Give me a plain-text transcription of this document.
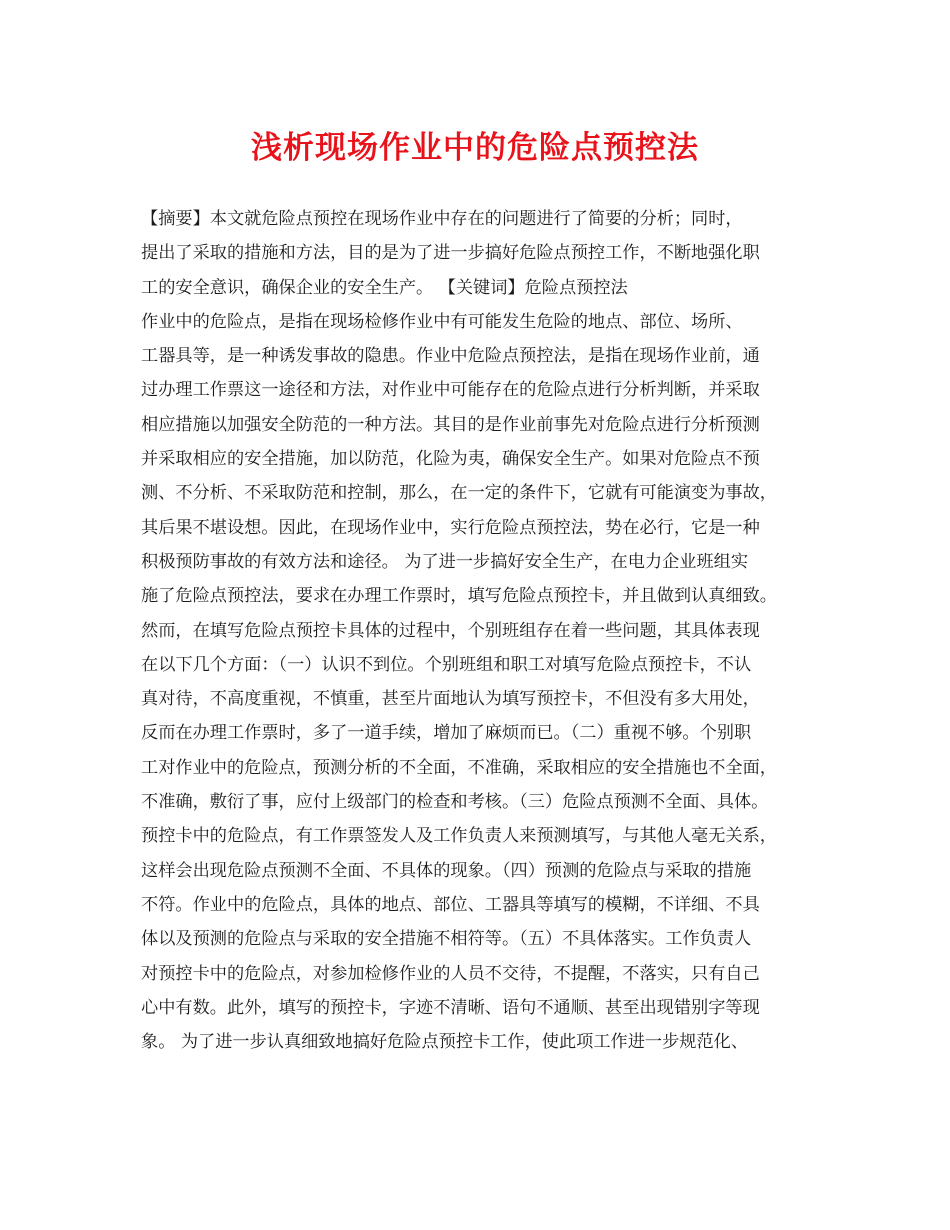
浅析现场作业中的危险点预控法
【摘要】本文就危险点预控在现场作业中存在的问题进行了简要的分析；同时，
提出了采取的措施和方法，目的是为了进一步搞好危险点预控工作，不断地强化职
工的安全意识，确保企业的安全生产。 【关键词】危险点预控法
作业中的危险点，是指在现场检修作业中有可能发生危险的地点、部位、场所、
工器具等，是一种诱发事故的隐患。作业中危险点预控法，是指在现场作业前，通
过办理工作票这一途径和方法，对作业中可能存在的危险点进行分析判断，并采取
相应措施以加强安全防范的一种方法。其目的是作业前事先对危险点进行分析预测
并采取相应的安全措施，加以防范，化险为夷，确保安全生产。如果对危险点不预
测、不分析、不采取防范和控制，那么，在一定的条件下，它就有可能演变为事故，
其后果不堪设想。因此，在现场作业中，实行危险点预控法，势在必行，它是一种
积极预防事故的有效方法和途径。 为了进一步搞好安全生产，在电力企业班组实
施了危险点预控法，要求在办理工作票时，填写危险点预控卡，并且做到认真细致。
然而，在填写危险点预控卡具体的过程中，个别班组存在着一些问题，其具体表现
在以下几个方面：（一）认识不到位。个别班组和职工对填写危险点预控卡，不认
真对待，不高度重视，不慎重，甚至片面地认为填写预控卡，不但没有多大用处，
反而在办理工作票时，多了一道手续，增加了麻烦而已。（二）重视不够。个别职
工对作业中的危险点，预测分析的不全面，不准确，采取相应的安全措施也不全面，
不准确，敷衍了事，应付上级部门的检查和考核。（三）危险点预测不全面、具体。
预控卡中的危险点，有工作票签发人及工作负责人来预测填写，与其他人毫无关系，
这样会出现危险点预测不全面、不具体的现象。（四）预测的危险点与采取的措施
不符。作业中的危险点，具体的地点、部位、工器具等填写的模糊，不详细、不具
体以及预测的危险点与采取的安全措施不相符等。（五）不具体落实。工作负责人
对预控卡中的危险点，对参加检修作业的人员不交待，不提醒，不落实，只有自己
心中有数。此外，填写的预控卡，字迹不清晰、语句不通顺、甚至出现错别字等现
象。 为了进一步认真细致地搞好危险点预控卡工作，使此项工作进一步规范化、
